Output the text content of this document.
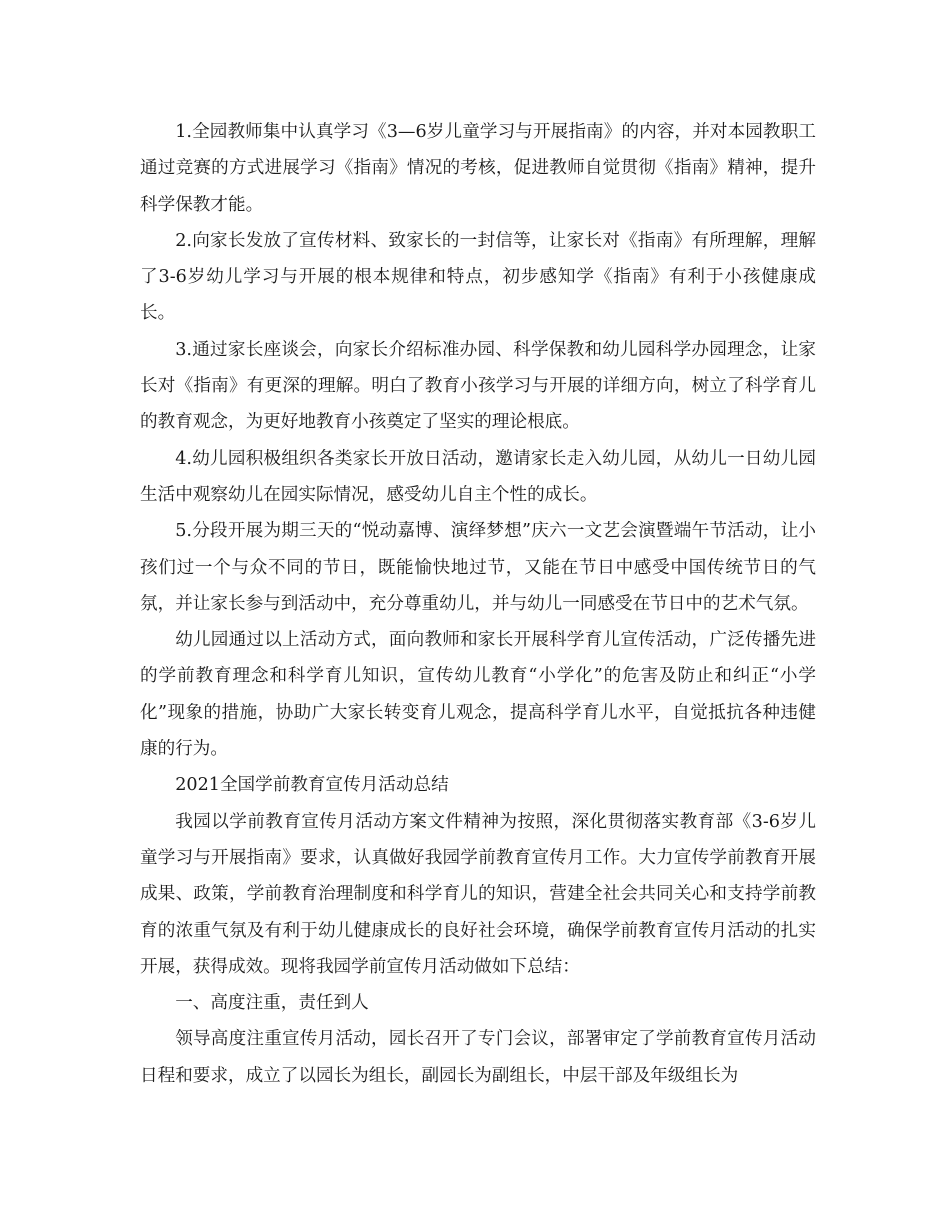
1.全园教师集中认真学习《3—6岁儿童学习与开展指南》的内容，并对本园教职工通过竞赛的方式进展学习《指南》情况的考核，促进教师自觉贯彻《指南》精神，提升科学保教才能。

2.向家长发放了宣传材料、致家长的一封信等，让家长对《指南》有所理解，理解了3-6岁幼儿学习与开展的根本规律和特点，初步感知学《指南》有利于小孩健康成长。

3.通过家长座谈会，向家长介绍标准办园、科学保教和幼儿园科学办园理念，让家长对《指南》有更深的理解。明白了教育小孩学习与开展的详细方向，树立了科学育儿的教育观念，为更好地教育小孩奠定了坚实的理论根底。

4.幼儿园积极组织各类家长开放日活动，邀请家长走入幼儿园，从幼儿一日幼儿园生活中观察幼儿在园实际情况，感受幼儿自主个性的成长。

5.分段开展为期三天的“悦动嘉博、演绎梦想”庆六一文艺会演暨端午节活动，让小孩们过一个与众不同的节日，既能愉快地过节，又能在节日中感受中国传统节日的气氛，并让家长参与到活动中，充分尊重幼儿，并与幼儿一同感受在节日中的艺术气氛。

幼儿园通过以上活动方式，面向教师和家长开展科学育儿宣传活动，广泛传播先进的学前教育理念和科学育儿知识，宣传幼儿教育“小学化”的危害及防止和纠正“小学化”现象的措施，协助广大家长转变育儿观念，提高科学育儿水平，自觉抵抗各种违健康的行为。

2021全国学前教育宣传月活动总结

我园以学前教育宣传月活动方案文件精神为按照，深化贯彻落实教育部《3-6岁儿童学习与开展指南》要求，认真做好我园学前教育宣传月工作。大力宣传学前教育开展成果、政策，学前教育治理制度和科学育儿的知识，营建全社会共同关心和支持学前教育的浓重气氛及有利于幼儿健康成长的良好社会环境，确保学前教育宣传月活动的扎实开展，获得成效。现将我园学前宣传月活动做如下总结：

一、高度注重，责任到人

领导高度注重宣传月活动，园长召开了专门会议，部署审定了学前教育宣传月活动日程和要求，成立了以园长为组长，副园长为副组长，中层干部及年级组长为
